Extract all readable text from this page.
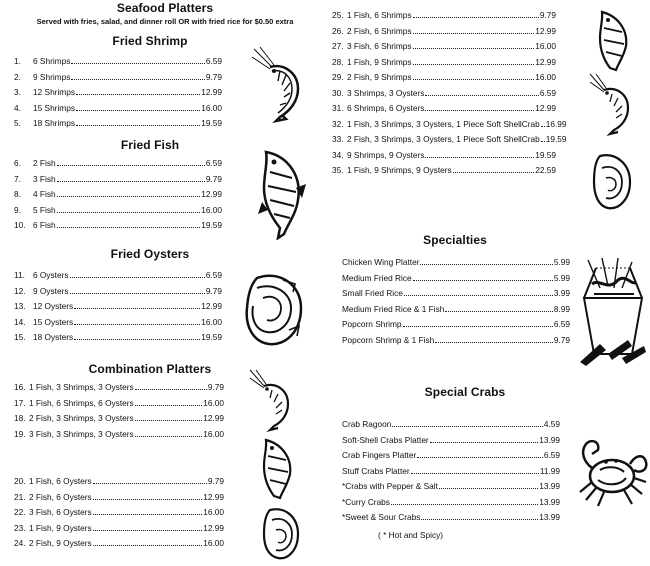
Seafood Platters
Served with fries, salad, and dinner roll OR with fried rice for $0.50 extra
Fried Shrimp
1.	6 Shrimps	6.59
2.	9 Shrimps	9.79
3.	12 Shrimps	12.99
4.	15 Shrimps	16.00
5.	18 Shrimps	19.59
Fried Fish
6.	2 Fish	6.59
7.	3 Fish	9.79
8.	4 Fish	12.99
9.	5 Fish	16.00
10. 6 Fish	19.59
Fried Oysters
11. 6 Oysters	6.59
12. 9 Oysters	9.79
13. 12 Oysters	12.99
14. 15 Oysters	16.00
15. 18 Oysters	19.59
Combination Platters
16. 1 Fish, 3 Shrimps, 3 Oysters	9.79
17. 1 Fish, 6 Shrimps, 6 Oysters	16.00
18. 2 Fish, 3 Shrimps, 3 Oysters	12.99
19. 3 Fish, 3 Shrimps, 3 Oysters	16.00
20. 1 Fish, 6 Oysters	9.79
21. 2 Fish, 6 Oysters	12.99
22. 3 Fish, 6 Oysters	16.00
23. 1 Fish, 9 Oysters	12.99
24. 2 Fish, 9 Oysters	16.00
25. 1 Fish, 6 Shrimps	9.79
26. 2 Fish, 6 Shrimps	12.99
27. 3 Fish, 6 Shrimps	16.00
28. 1 Fish, 9 Shrimps	12.99
29. 2 Fish, 9 Shrimps	16.00
30. 3 Shrimps, 3 Oysters	6.59
31. 6 Shrimps, 6 Oysters	12.99
32. 1 Fish, 3 Shrimps, 3 Oysters, 1 Piece Soft ShellCrab 16.99
33. 2 Fish, 3 Shrimps, 3 Oysters, 1 Piece Soft ShellCrab 19.59
34. 9 Shrimps, 9 Oysters	19.59
35. 1 Fish, 9 Shrimps, 9 Oysters	22.59
Specialties
Chicken Wing Platter	5.99
Medium Fried Rice	5.99
Small Fried Rice	3.99
Medium Fried Rice & 1 Fish	8.99
Popcorn Shrimp	6.59
Popcorn Shrimp & 1 Fish	9.79
Special Crabs
Crab Ragoon	4.59
Soft-Shell Crabs Platter	13.99
Crab Fingers Platter	6.59
Stuff Crabs Platter	11.99
*Crabs with Pepper & Salt	13.99
*Curry Crabs	13.99
*Sweet & Sour Crabs	13.99
( * Hot and Spicy)
